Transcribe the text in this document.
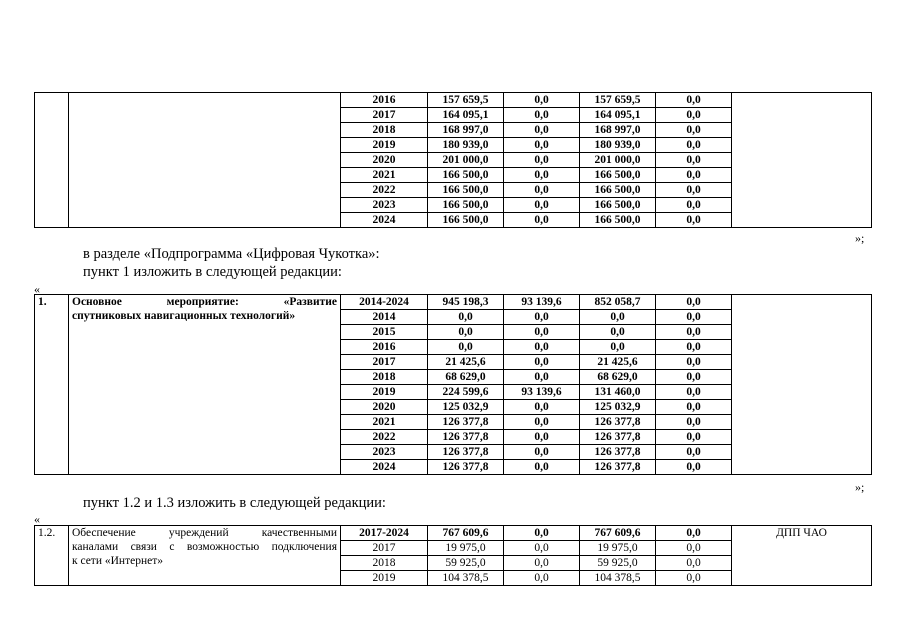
		2016	157 659,5	0,0	157 659,5	0,0	
		2017	164 095,1	0,0	164 095,1	0,0	
		2018	168 997,0	0,0	168 997,0	0,0	
		2019	180 939,0	0,0	180 939,0	0,0	
		2020	201 000,0	0,0	201 000,0	0,0	
		2021	166 500,0	0,0	166 500,0	0,0	
		2022	166 500,0	0,0	166 500,0	0,0	
		2023	166 500,0	0,0	166 500,0	0,0	
		2024	166 500,0	0,0	166 500,0	0,0	
»;
в разделе «Подпрограмма «Цифровая Чукотка»:
пункт 1 изложить в следующей редакции:
«
1.	Основное мероприятие: «Развитие
спутниковых навигационных технологий»	2014-2024	945 198,3	93 139,6	852 058,7	0,0	
		2014	0,0	0,0	0,0	0,0	
		2015	0,0	0,0	0,0	0,0	
		2016	0,0	0,0	0,0	0,0	
		2017	21 425,6	0,0	21 425,6	0,0	
		2018	68 629,0	0,0	68 629,0	0,0	
		2019	224 599,6	93 139,6	131 460,0	0,0	
		2020	125 032,9	0,0	125 032,9	0,0	
		2021	126 377,8	0,0	126 377,8	0,0	
		2022	126 377,8	0,0	126 377,8	0,0	
		2023	126 377,8	0,0	126 377,8	0,0	
		2024	126 377,8	0,0	126 377,8	0,0	
»;
пункт 1.2 и 1.3 изложить в следующей редакции:
«
1.2.	Обеспечение учреждений качественными
каналами связи с возможностью подключения
к сети «Интернет»	2017-2024	767 609,6	0,0	767 609,6	0,0	ДПП ЧАО
		2017	19 975,0	0,0	19 975,0	0,0	
		2018	59 925,0	0,0	59 925,0	0,0	
		2019	104 378,5	0,0	104 378,5	0,0	
